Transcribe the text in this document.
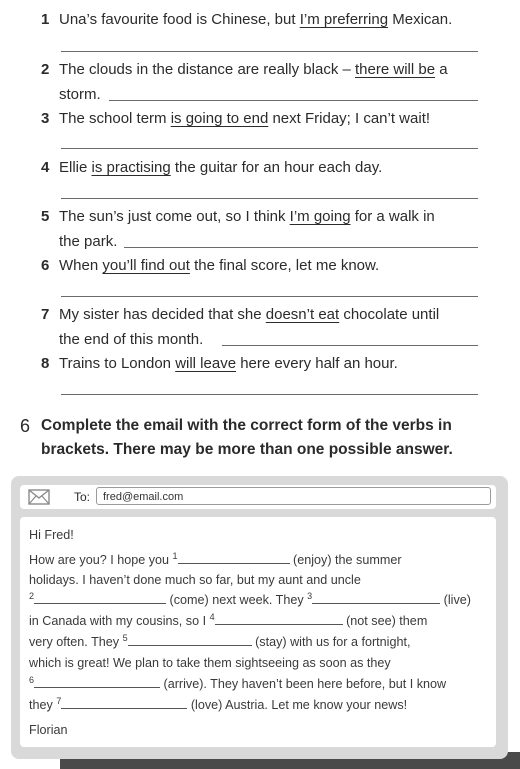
1 Una’s favourite food is Chinese, but I’m preferring Mexican.
2 The clouds in the distance are really black – there will be a
storm.
3 The school term is going to end next Friday; I can’t wait!
4 Ellie is practising the guitar for an hour each day.
5 The sun’s just come out, so I think I’m going for a walk in
the park.
6 When you’ll find out the final score, let me know.
7 My sister has decided that she doesn’t eat chocolate until
the end of this month.
8 Trains to London will leave here every half an hour.
6 Complete the email with the correct form of the verbs in
brackets. There may be more than one possible answer.
To:	fred@email.com
Hi Fred!
How are you? I hope you $^1$	(enjoy) the summer
holidays. I haven’t done much so far, but my aunt and uncle
$^2$	(come) next week. They $^3$	(live)
in Canada with my cousins, so I $^4$	(not see) them
very often. They $^5$	(stay) with us for a fortnight,
which is great! We plan to take them sightseeing as soon as they
$^6$	(arrive). They haven’t been here before, but I know
they $^7$	(love) Austria. Let me know your news!
Florian
